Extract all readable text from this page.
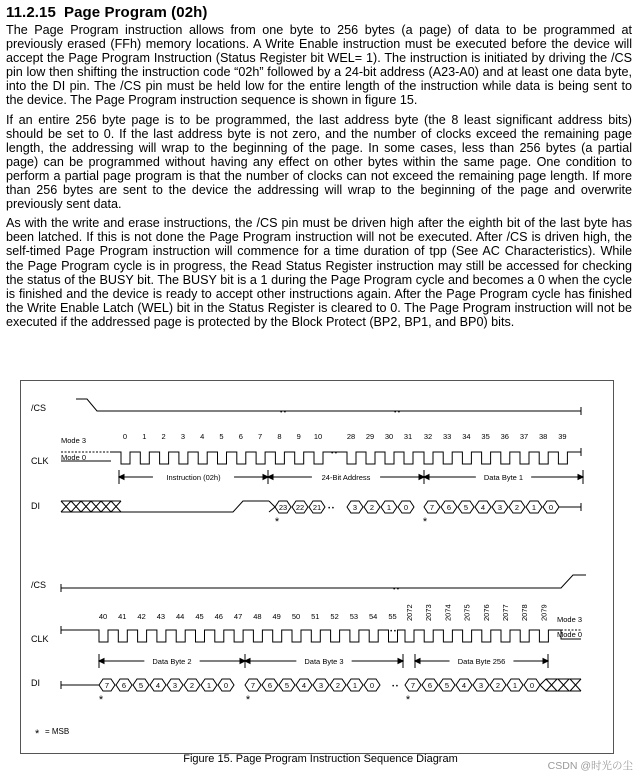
11.2.15 Page Program (02h)

The Page Program instruction allows from one byte to 256 bytes (a page) of data to be programmed at previously erased (FFh) memory locations. A Write Enable instruction must be executed before the device will accept the Page Program Instruction (Status Register bit WEL= 1). The instruction is initiated by driving the /CS pin low then shifting the instruction code “02h” followed by a 24-bit address (A23-A0) and at least one data byte, into the DI pin. The /CS pin must be held low for the entire length of the instruction while data is being sent to the device. The Page Program instruction sequence is shown in figure 15.

If an entire 256 byte page is to be programmed, the last address byte (the 8 least significant address bits) should be set to 0. If the last address byte is not zero, and the number of clocks exceed the remaining page length, the addressing will wrap to the beginning of the page. In some cases, less than 256 bytes (a partial page) can be programmed without having any effect on other bytes within the same page. One condition to perform a partial page program is that the number of clocks can not exceed the remaining page length. If more than 256 bytes are sent to the device the addressing will wrap to the beginning of the page and overwrite previously sent data.

As with the write and erase instructions, the /CS pin must be driven high after the eighth bit of the last byte has been latched. If this is not done the Page Program instruction will not be executed. After /CS is driven high, the self-timed Page Program instruction will commence for a time duration of tpp (See AC Characteristics). While the Page Program cycle is in progress, the Read Status Register instruction may still be accessed for checking the status of the BUSY bit. The BUSY bit is a 1 during the Page Program cycle and becomes a 0 when the cycle is finished and the device is ready to accept other instructions again. After the Page Program cycle has finished the Write Enable Latch (WEL) bit in the Status Register is cleared to 0. The Page Program instruction will not be executed if the addressed page is protected by the Block Protect (BP2, BP1, and BP0) bits.

/CS
CLK
DI
/CS
CLK
DI
• •	• •
Mode 3
Mode 0
0 1 2 3 4 5 6 7 8 9 10	28 29 30 31 32 33 34 35 36 37 38 39
• •
Instruction (02h)	24-Bit Address	Data Byte 1
23 22 21 • •	3 2 1 0	7 6 5 4 3 2 1 0
*	*
• •
• •
40 41 42 43 44 45 46 47 48 49 50 51 52 53 54 55 2072 2073 2074 2075 2076 2077 2078 2079 Mode 3
Mode 0
Data Byte 2	Data Byte 3	Data Byte 256
7 6 5 4 3 2 1 0	7 6 5 4 3 2 1 0	• • 7 6 5 4 3 2 1 0
*	*	*
* = MSB
Figure 15. Page Program Instruction Sequence Diagram
CSDN @时光の尘
